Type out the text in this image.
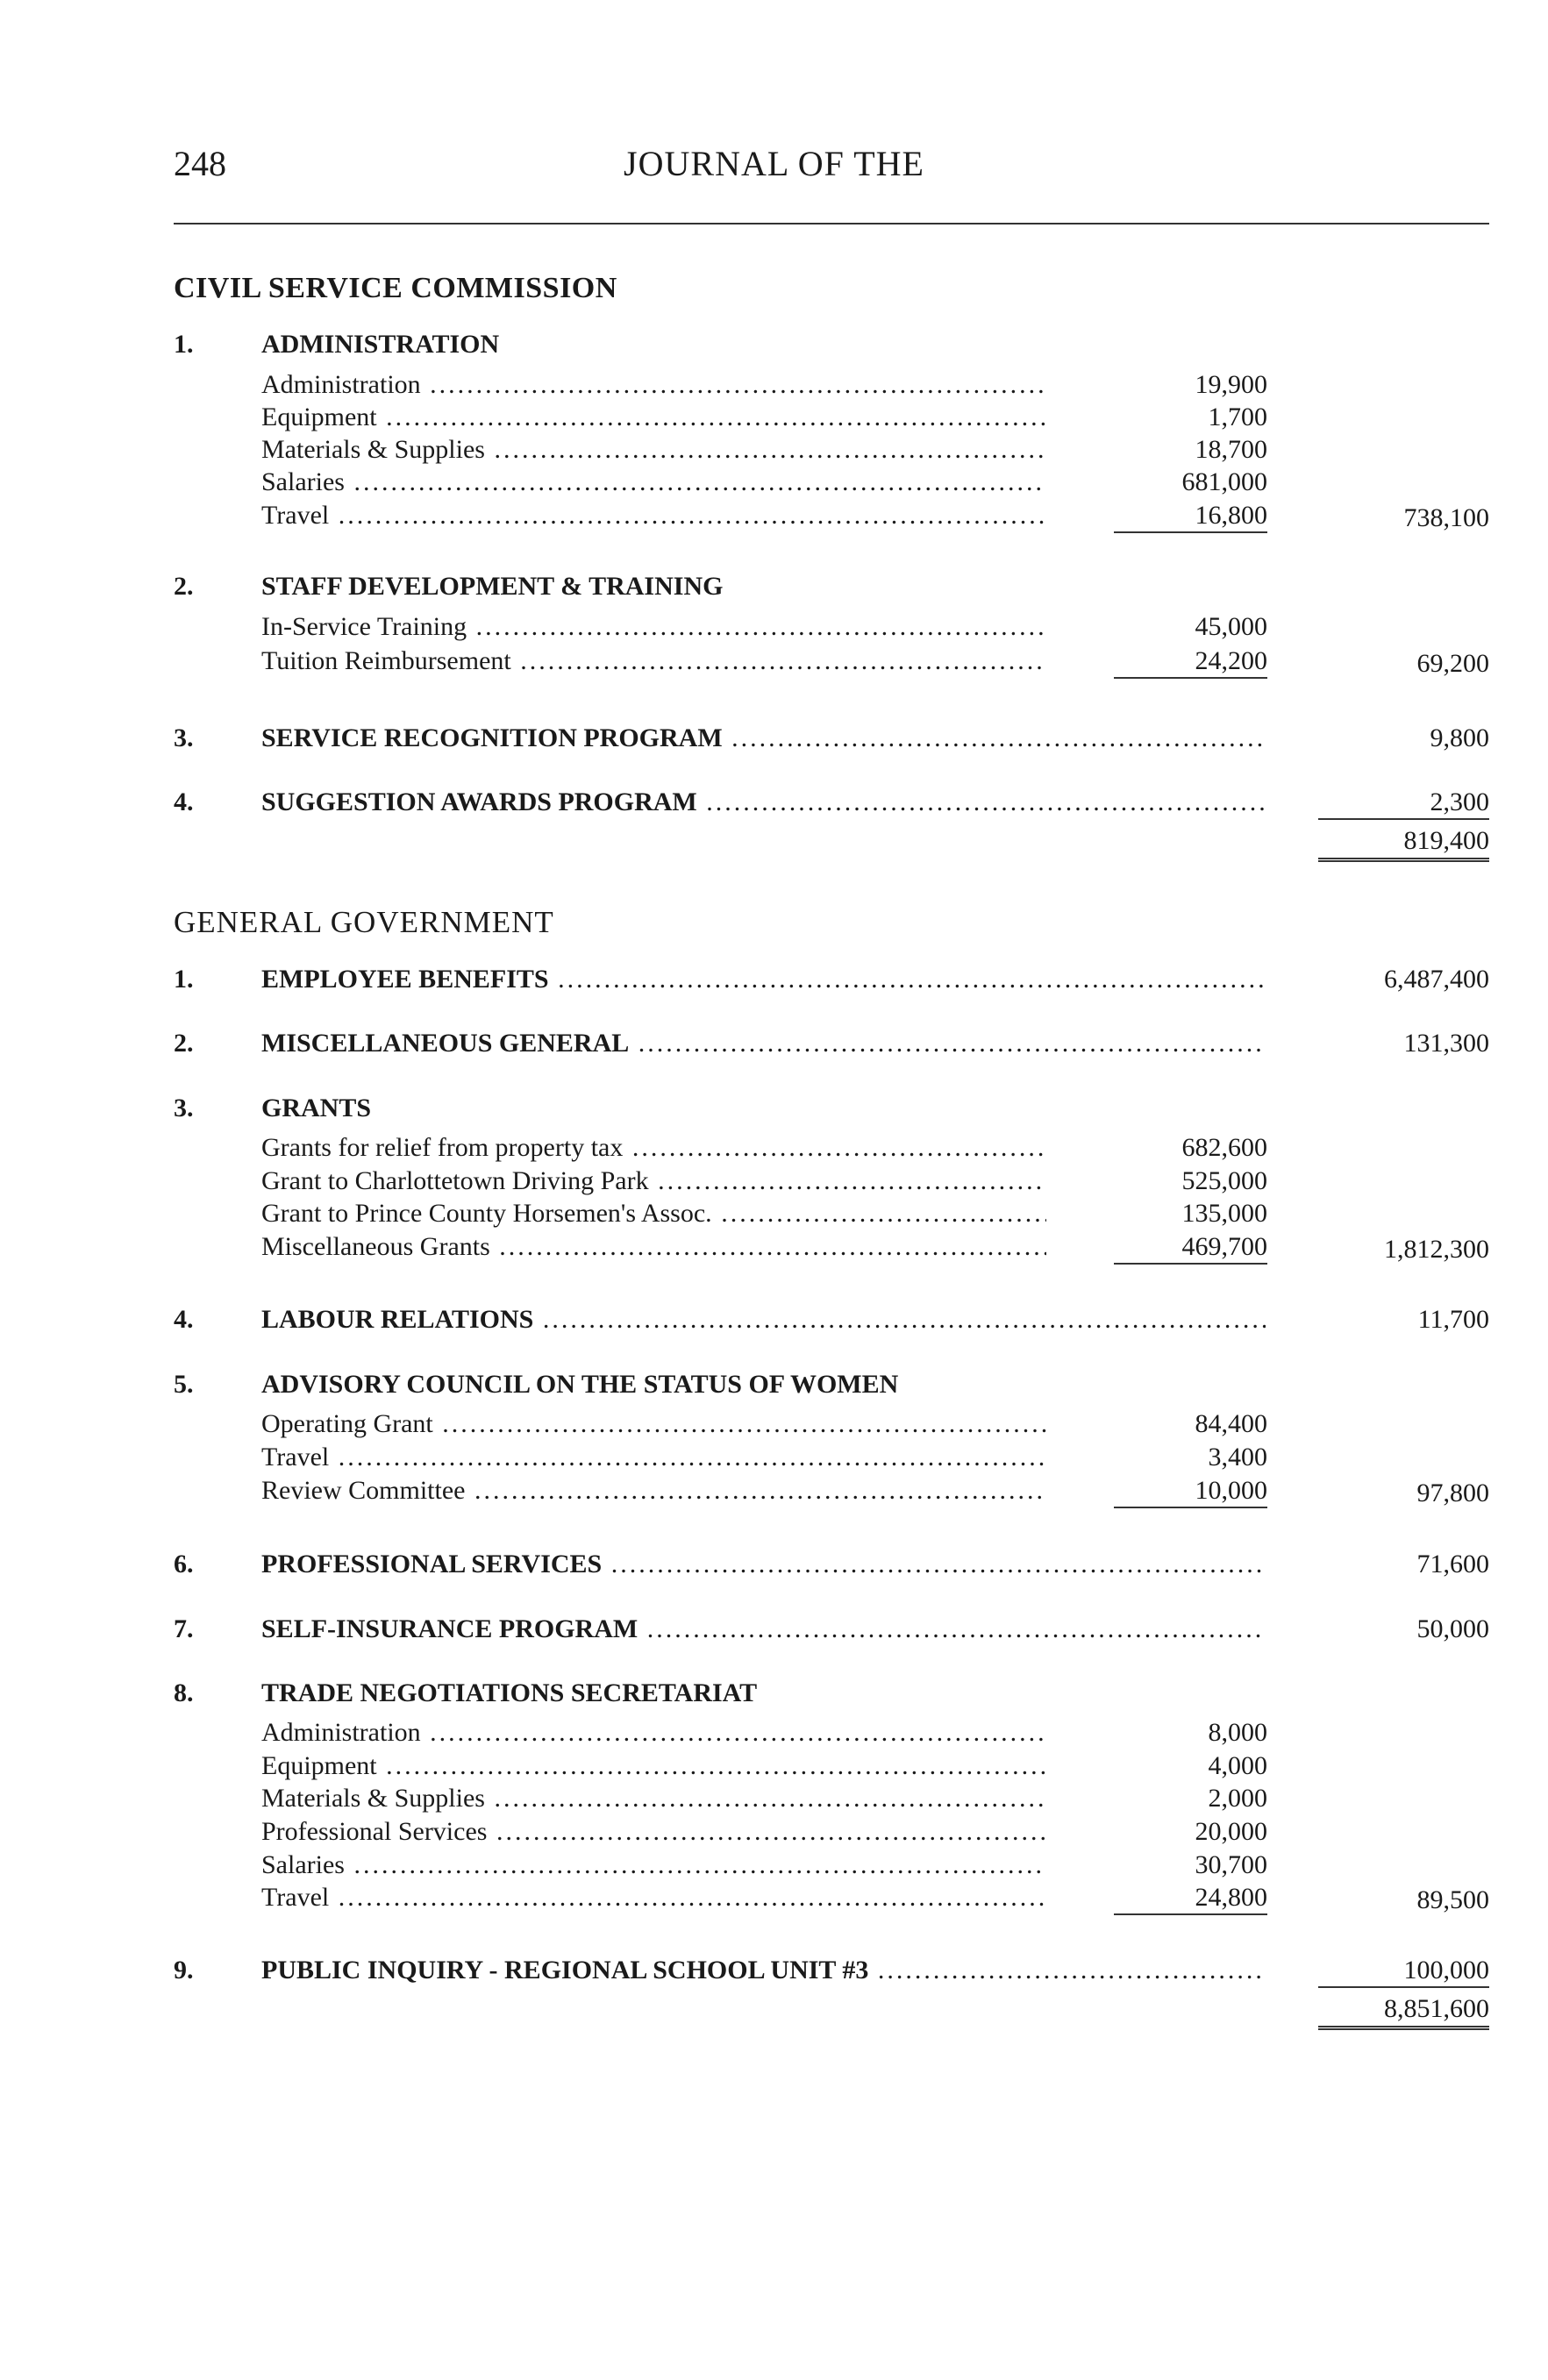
248	JOURNAL OF THE
CIVIL SERVICE COMMISSION
1.	ADMINISTRATION
Administration .....	19,900
Equipment .....	1,700
Materials & Supplies .....	18,700
Salaries .....	681,000
Travel .....	16,800	738,100
2.	STAFF DEVELOPMENT & TRAINING
In-Service Training .....	45,000
Tuition Reimbursement .....	24,200	69,200
3.	SERVICE RECOGNITION PROGRAM .....	9,800
4.	SUGGESTION AWARDS PROGRAM .....	2,300
819,400
GENERAL GOVERNMENT
1.	EMPLOYEE BENEFITS .....	6,487,400
2.	MISCELLANEOUS GENERAL .....	131,300
3.	GRANTS
Grants for relief from property tax .....	682,600
Grant to Charlottetown Driving Park .....	525,000
Grant to Prince County Horsemen's Assoc. .....	135,000
Miscellaneous Grants .....	469,700	1,812,300
4.	LABOUR RELATIONS .....	11,700
5.	ADVISORY COUNCIL ON THE STATUS OF WOMEN
Operating Grant .....	84,400
Travel .....	3,400
Review Committee .....	10,000	97,800
6.	PROFESSIONAL SERVICES .....	71,600
7.	SELF-INSURANCE PROGRAM .....	50,000
8.	TRADE NEGOTIATIONS SECRETARIAT
Administration .....	8,000
Equipment .....	4,000
Materials & Supplies .....	2,000
Professional Services .....	20,000
Salaries .....	30,700
Travel .....	24,800	89,500
9.	PUBLIC INQUIRY - REGIONAL SCHOOL UNIT #3 .....	100,000
8,851,600
